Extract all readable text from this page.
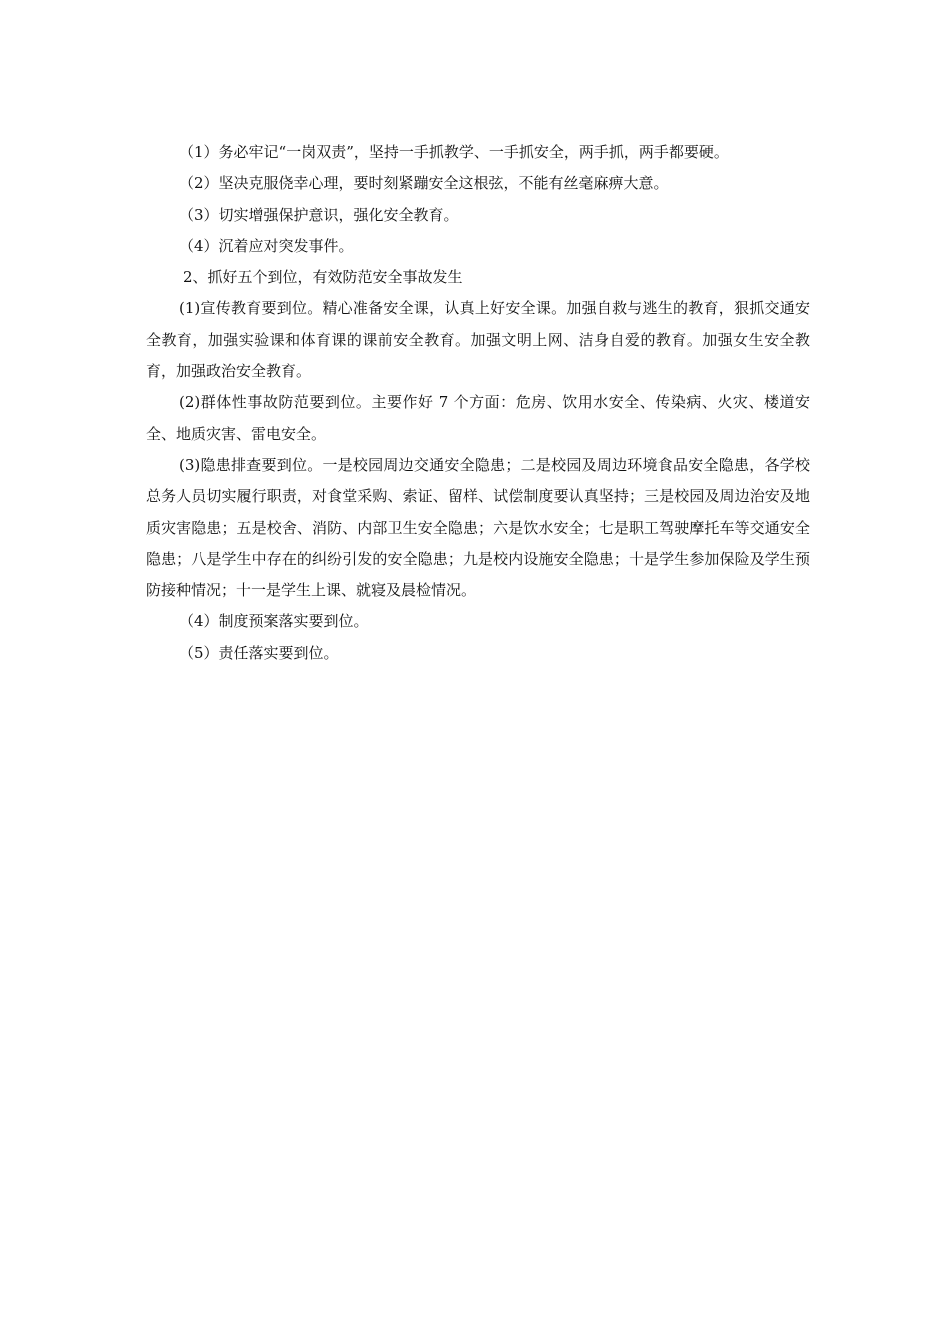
（1）务必牢记“一岗双责”，坚持一手抓教学、一手抓安全，两手抓，两手都要硬。

（2）坚决克服侥幸心理，要时刻紧蹦安全这根弦，不能有丝毫麻痹大意。

（3）切实增强保护意识，强化安全教育。

（4）沉着应对突发事件。

2、抓好五个到位，有效防范安全事故发生

(1)宣传教育要到位。精心准备安全课，认真上好安全课。加强自救与逃生的教育，狠抓交通安全教育，加强实验课和体育课的课前安全教育。加强文明上网、洁身自爱的教育。加强女生安全教育，加强政治安全教育。

(2)群体性事故防范要到位。主要作好 7 个方面：危房、饮用水安全、传染病、火灾、楼道安全、地质灾害、雷电安全。

(3)隐患排查要到位。一是校园周边交通安全隐患；二是校园及周边环境食品安全隐患，各学校总务人员切实履行职责，对食堂采购、索证、留样、试偿制度要认真坚持；三是校园及周边治安及地质灾害隐患；五是校舍、消防、内部卫生安全隐患；六是饮水安全；七是职工驾驶摩托车等交通安全隐患；八是学生中存在的纠纷引发的安全隐患；九是校内设施安全隐患；十是学生参加保险及学生预防接种情况；十一是学生上课、就寝及晨检情况。

（4）制度预案落实要到位。

（5）责任落实要到位。
